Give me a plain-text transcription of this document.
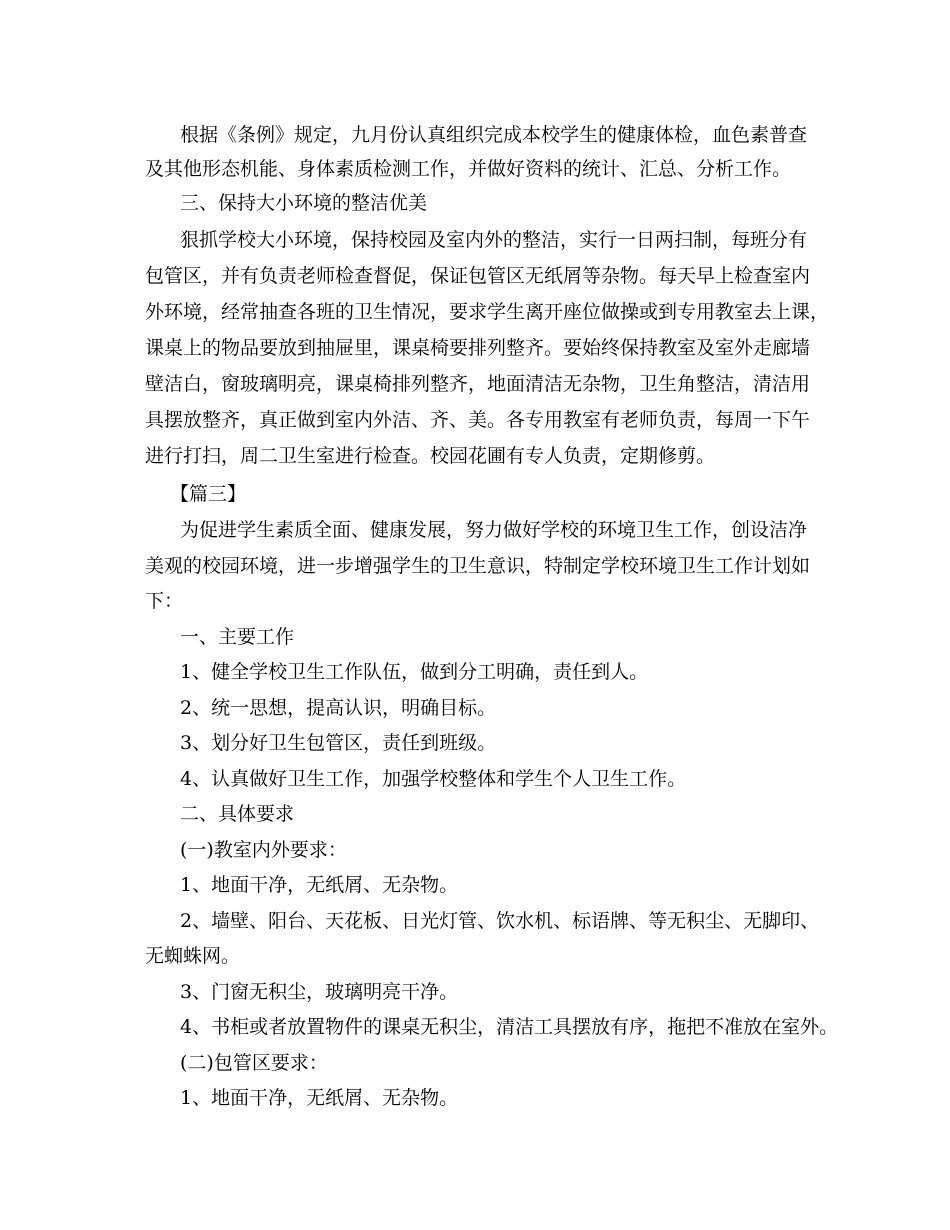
根据《条例》规定，九月份认真组织完成本校学生的健康体检，血色素普查

及其他形态机能、身体素质检测工作，并做好资料的统计、汇总、分析工作。

三、保持大小环境的整洁优美

狠抓学校大小环境，保持校园及室内外的整洁，实行一日两扫制，每班分有

包管区，并有负责老师检查督促，保证包管区无纸屑等杂物。每天早上检查室内

外环境，经常抽查各班的卫生情况，要求学生离开座位做操或到专用教室去上课，

课桌上的物品要放到抽屉里，课桌椅要排列整齐。要始终保持教室及室外走廊墙

壁洁白，窗玻璃明亮，课桌椅排列整齐，地面清洁无杂物，卫生角整洁，清洁用

具摆放整齐，真正做到室内外洁、齐、美。各专用教室有老师负责，每周一下午

进行打扫，周二卫生室进行检查。校园花圃有专人负责，定期修剪。

【篇三】

为促进学生素质全面、健康发展，努力做好学校的环境卫生工作，创设洁净

美观的校园环境，进一步增强学生的卫生意识，特制定学校环境卫生工作计划如

下：

一、主要工作

1、健全学校卫生工作队伍，做到分工明确，责任到人。

2、统一思想，提高认识，明确目标。

3、划分好卫生包管区，责任到班级。

4、认真做好卫生工作，加强学校整体和学生个人卫生工作。

二、具体要求

(一)教室内外要求：

1、地面干净，无纸屑、无杂物。

2、墙壁、阳台、天花板、日光灯管、饮水机、标语牌、等无积尘、无脚印、

无蜘蛛网。

3、门窗无积尘，玻璃明亮干净。

4、书柜或者放置物件的课桌无积尘，清洁工具摆放有序，拖把不准放在室外。

(二)包管区要求：

1、地面干净，无纸屑、无杂物。
